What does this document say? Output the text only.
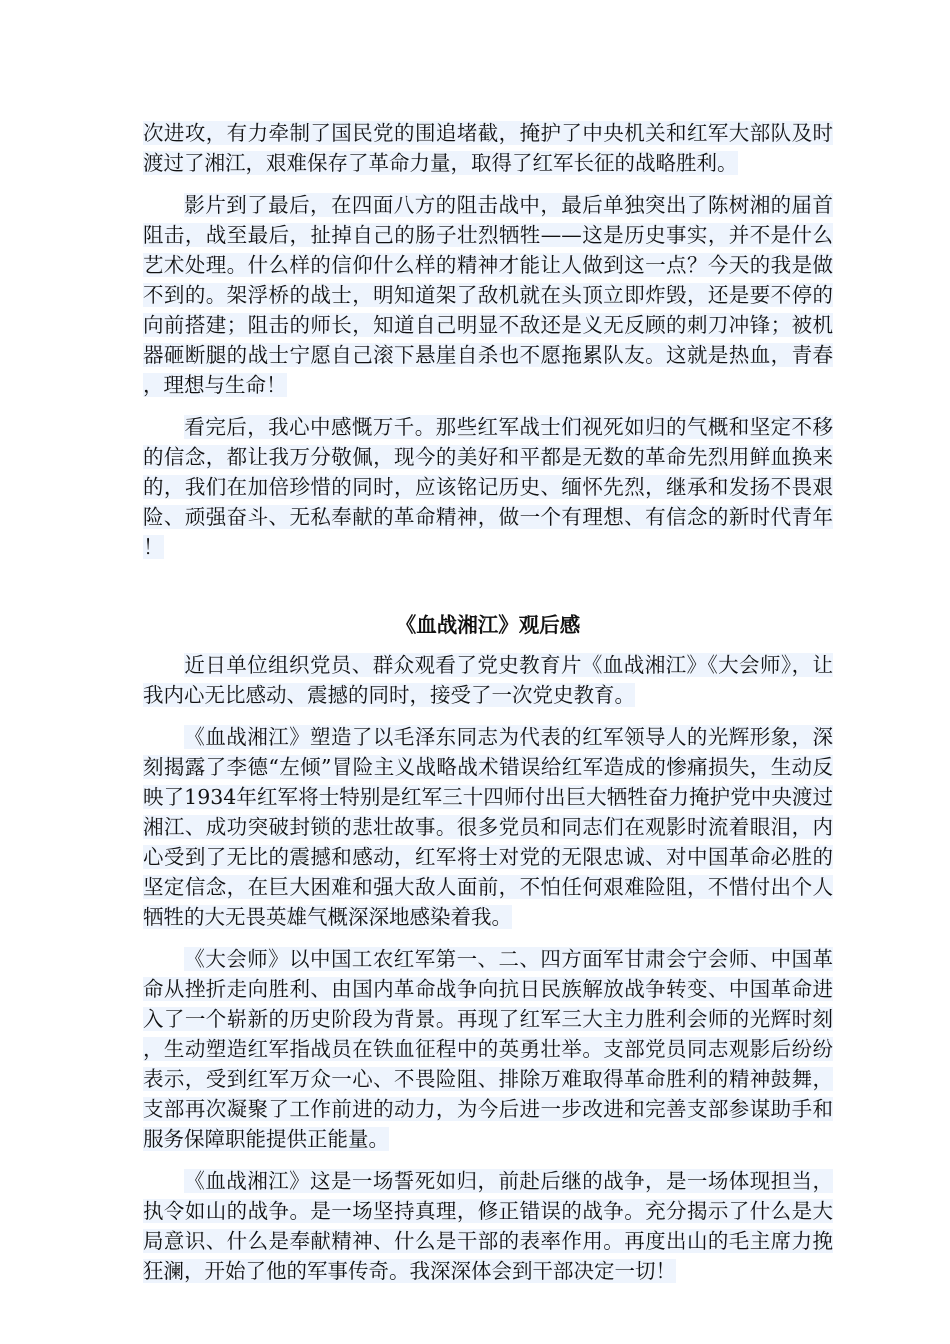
次进攻，有力牵制了国民党的围追堵截，掩护了中央机关和红军大部队及时渡过了湘江，艰难保存了革命力量，取得了红军长征的战略胜利。

影片到了最后，在四面八方的阻击战中，最后单独突出了陈树湘的届首阻击，战至最后，扯掉自己的肠子壮烈牺牲——这是历史事实，并不是什么艺术处理。什么样的信仰什么样的精神才能让人做到这一点？今天的我是做不到的。架浮桥的战士，明知道架了敌机就在头顶立即炸毁，还是要不停的向前搭建；阻击的师长，知道自己明显不敌还是义无反顾的刺刀冲锋；被机器砸断腿的战士宁愿自己滚下悬崖自杀也不愿拖累队友。这就是热血，青春，理想与生命！

看完后，我心中感慨万千。那些红军战士们视死如归的气概和坚定不移的信念，都让我万分敬佩，现今的美好和平都是无数的革命先烈用鲜血换来的，我们在加倍珍惜的同时，应该铭记历史、缅怀先烈，继承和发扬不畏艰险、顽强奋斗、无私奉献的革命精神，做一个有理想、有信念的新时代青年！

《血战湘江》观后感

近日单位组织党员、群众观看了党史教育片《血战湘江》《大会师》，让我内心无比感动、震撼的同时，接受了一次党史教育。

《血战湘江》塑造了以毛泽东同志为代表的红军领导人的光辉形象，深刻揭露了李德“左倾”冒险主义战略战术错误给红军造成的惨痛损失，生动反映了1934年红军将士特别是红军三十四师付出巨大牺牲奋力掩护党中央渡过湘江、成功突破封锁的悲壮故事。很多党员和同志们在观影时流着眼泪，内心受到了无比的震撼和感动，红军将士对党的无限忠诚、对中国革命必胜的坚定信念，在巨大困难和强大敌人面前，不怕任何艰难险阻，不惜付出个人牺牲的大无畏英雄气概深深地感染着我。

《大会师》以中国工农红军第一、二、四方面军甘肃会宁会师、中国革命从挫折走向胜利、由国内革命战争向抗日民族解放战争转变、中国革命进入了一个崭新的历史阶段为背景。再现了红军三大主力胜利会师的光辉时刻，生动塑造红军指战员在铁血征程中的英勇壮举。支部党员同志观影后纷纷表示，受到红军万众一心、不畏险阻、排除万难取得革命胜利的精神鼓舞，支部再次凝聚了工作前进的动力，为今后进一步改进和完善支部参谋助手和服务保障职能提供正能量。

《血战湘江》这是一场誓死如归，前赴后继的战争，是一场体现担当，执令如山的战争。是一场坚持真理，修正错误的战争。充分揭示了什么是大局意识、什么是奉献精神、什么是干部的表率作用。再度出山的毛主席力挽狂澜，开始了他的军事传奇。我深深体会到干部决定一切！
